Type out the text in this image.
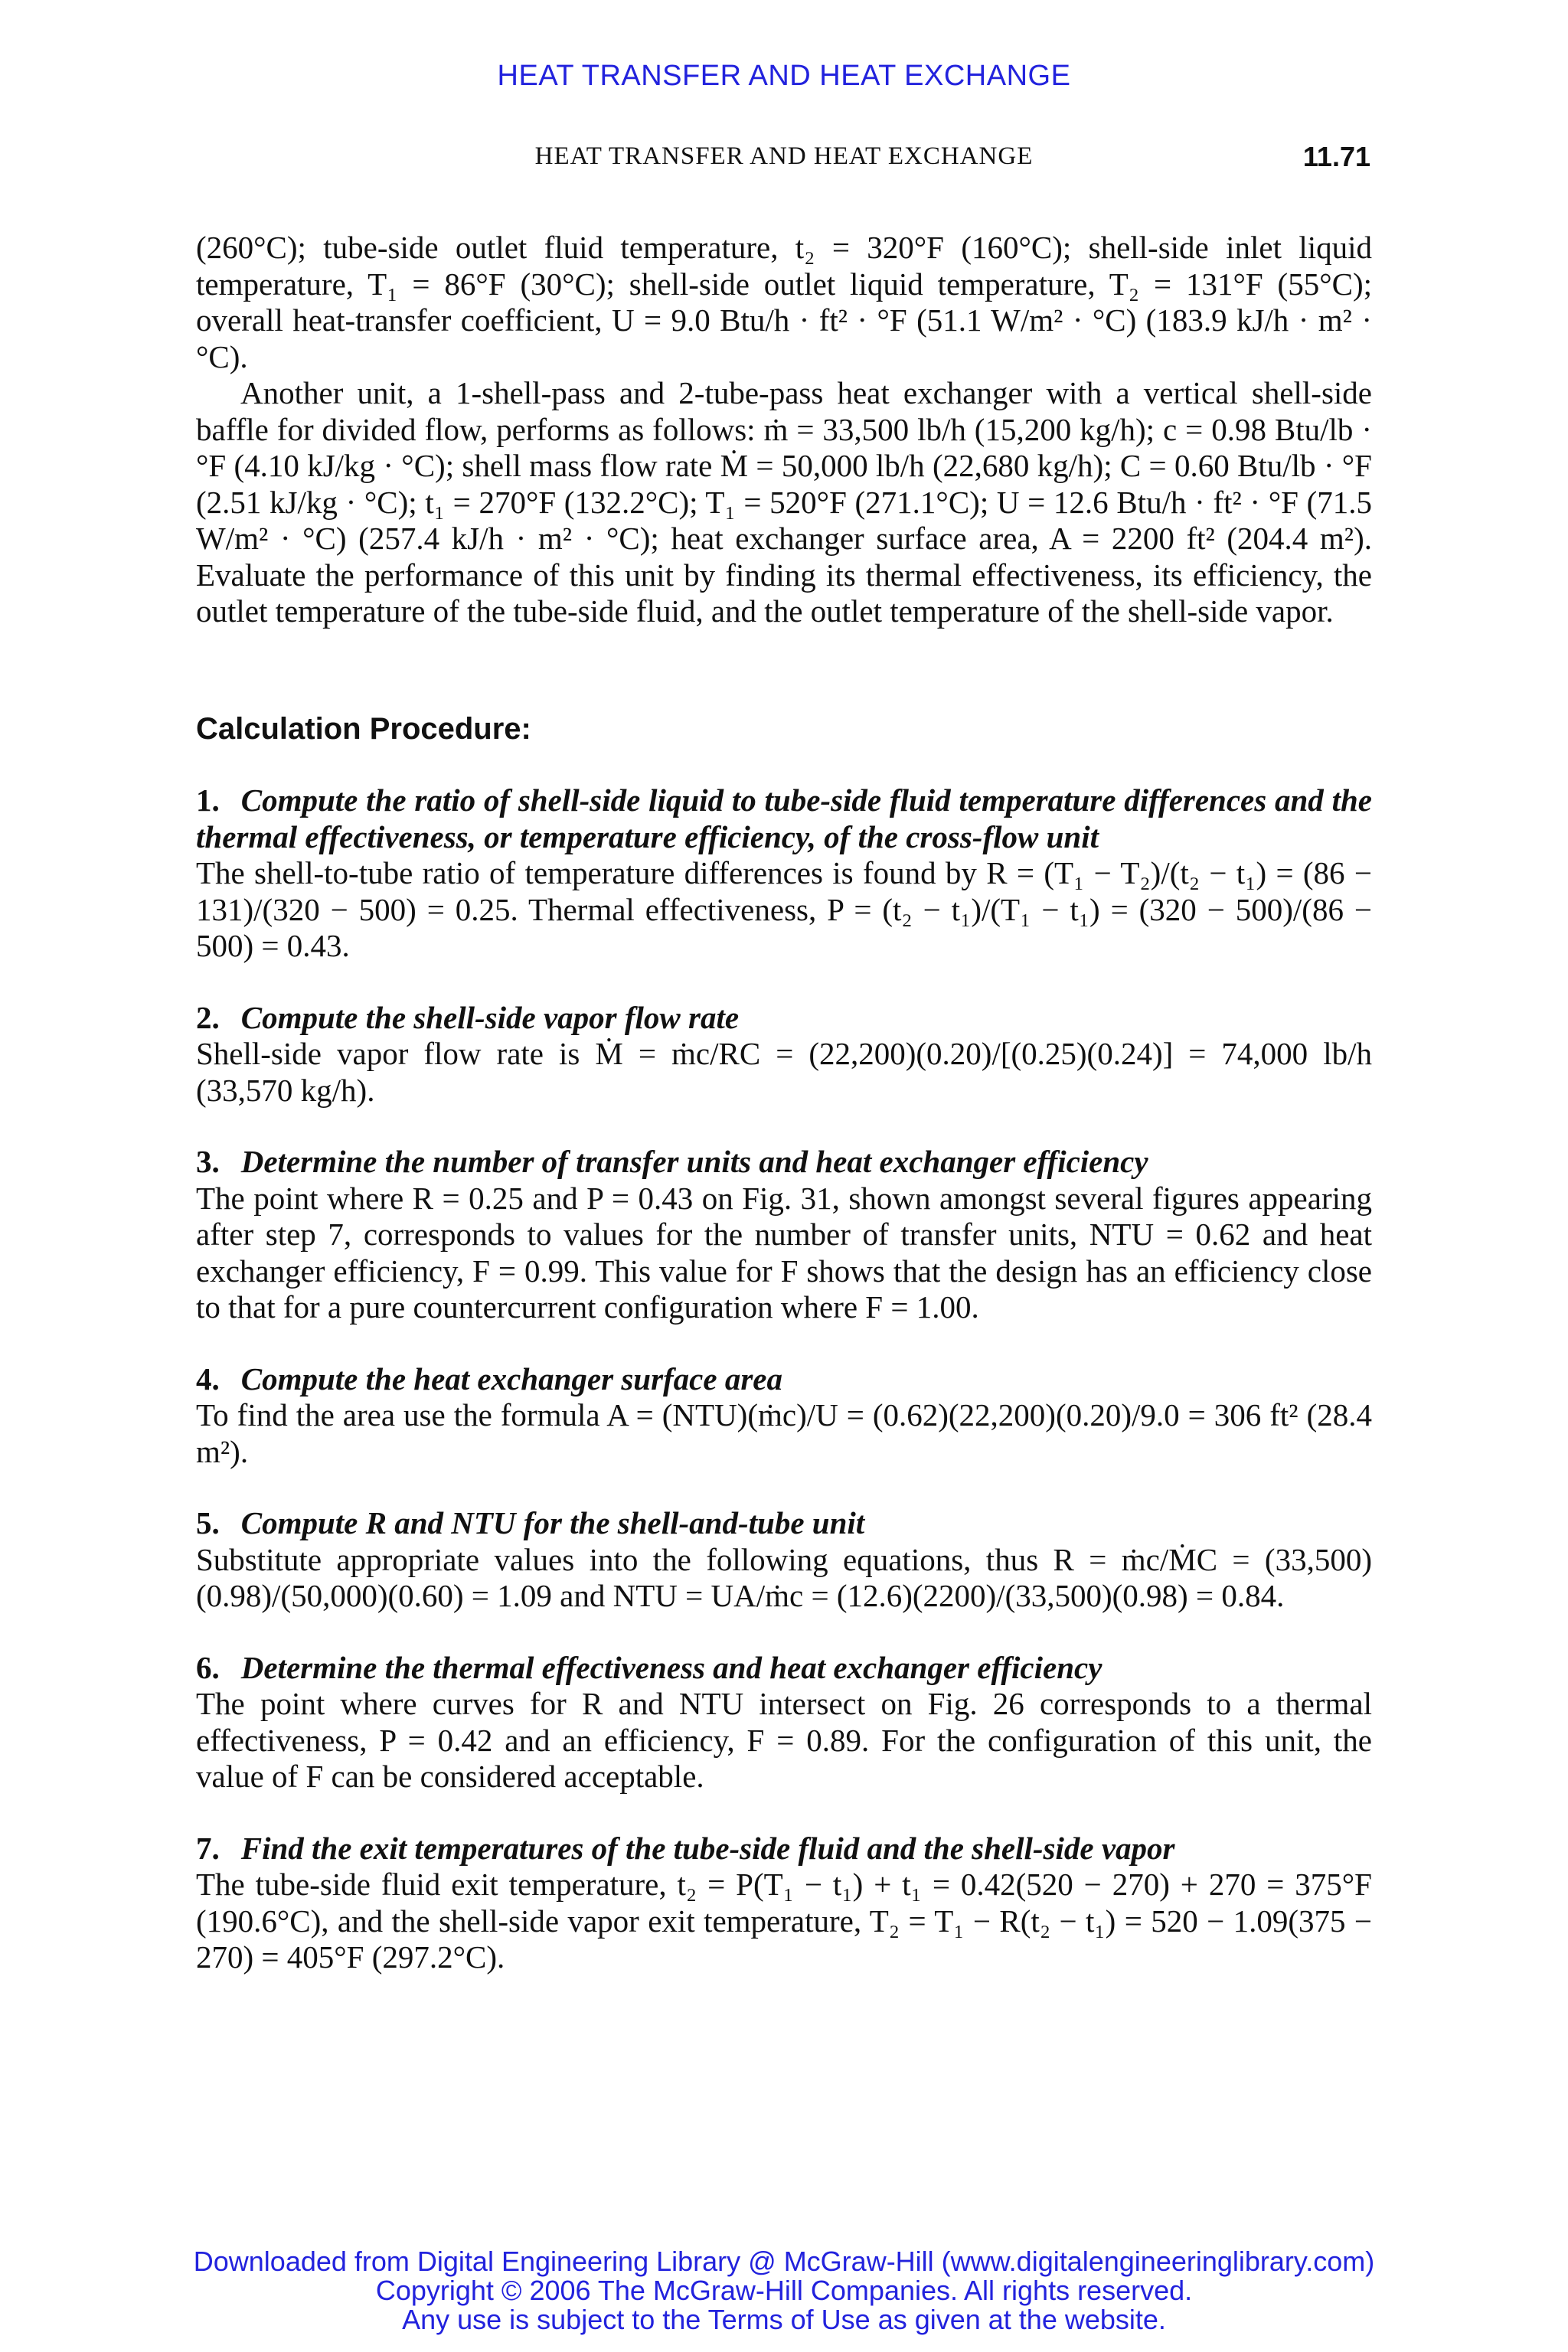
HEAT TRANSFER AND HEAT EXCHANGE
HEAT TRANSFER AND HEAT EXCHANGE	11.71

(260°C); tube-side outlet fluid temperature, t₂ = 320°F (160°C); shell-side inlet liquid temperature, T₁ = 86°F (30°C); shell-side outlet liquid temperature, T₂ = 131°F (55°C); overall heat-transfer coefficient, U = 9.0 Btu/h · ft² · °F (51.1 W/m² · °C) (183.9 kJ/h · m² · °C).

Another unit, a 1-shell-pass and 2-tube-pass heat exchanger with a vertical shell-side baffle for divided flow, performs as follows: ṁ = 33,500 lb/h (15,200 kg/h); c = 0.98 Btu/lb · °F (4.10 kJ/kg · °C); shell mass flow rate Ṁ = 50,000 lb/h (22,680 kg/h); C = 0.60 Btu/lb · °F (2.51 kJ/kg · °C); t₁ = 270°F (132.2°C); T₁ = 520°F (271.1°C); U = 12.6 Btu/h · ft² · °F (71.5 W/m² · °C) (257.4 kJ/h · m² · °C); heat exchanger surface area, A = 2200 ft² (204.4 m²). Evaluate the performance of this unit by finding its thermal effectiveness, its efficiency, the outlet temperature of the tube-side fluid, and the outlet temperature of the shell-side vapor.

Calculation Procedure:

1. Compute the ratio of shell-side liquid to tube-side fluid temperature differences and the thermal effectiveness, or temperature efficiency, of the cross-flow unit

The shell-to-tube ratio of temperature differences is found by R = (T₁ − T₂)/(t₂ − t₁) = (86 − 131)/(320 − 500) = 0.25. Thermal effectiveness, P = (t₂ − t₁)/(T₁ − t₁) = (320 − 500)/(86 − 500) = 0.43.

2. Compute the shell-side vapor flow rate

Shell-side vapor flow rate is Ṁ = ṁc/RC = (22,200)(0.20)/[(0.25)(0.24)] = 74,000 lb/h (33,570 kg/h).

3. Determine the number of transfer units and heat exchanger efficiency

The point where R = 0.25 and P = 0.43 on Fig. 31, shown amongst several figures appearing after step 7, corresponds to values for the number of transfer units, NTU = 0.62 and heat exchanger efficiency, F = 0.99. This value for F shows that the design has an efficiency close to that for a pure countercurrent configuration where F = 1.00.

4. Compute the heat exchanger surface area

To find the area use the formula A = (NTU)(ṁc)/U = (0.62)(22,200)(0.20)/9.0 = 306 ft² (28.4 m²).

5. Compute R and NTU for the shell-and-tube unit

Substitute appropriate values into the following equations, thus R = ṁc/ṀC = (33,500)(0.98)/(50,000)(0.60) = 1.09 and NTU = UA/ṁc = (12.6)(2200)/(33,500)(0.98) = 0.84.

6. Determine the thermal effectiveness and heat exchanger efficiency

The point where curves for R and NTU intersect on Fig. 26 corresponds to a thermal effectiveness, P = 0.42 and an efficiency, F = 0.89. For the configuration of this unit, the value of F can be considered acceptable.

7. Find the exit temperatures of the tube-side fluid and the shell-side vapor

The tube-side fluid exit temperature, t₂ = P(T₁ − t₁) + t₁ = 0.42(520 − 270) + 270 = 375°F (190.6°C), and the shell-side vapor exit temperature, T₂ = T₁ − R(t₂ − t₁) = 520 − 1.09(375 − 270) = 405°F (297.2°C).

Downloaded from Digital Engineering Library @ McGraw-Hill (www.digitalengineeringlibrary.com)
Copyright © 2006 The McGraw-Hill Companies. All rights reserved.
Any use is subject to the Terms of Use as given at the website.
